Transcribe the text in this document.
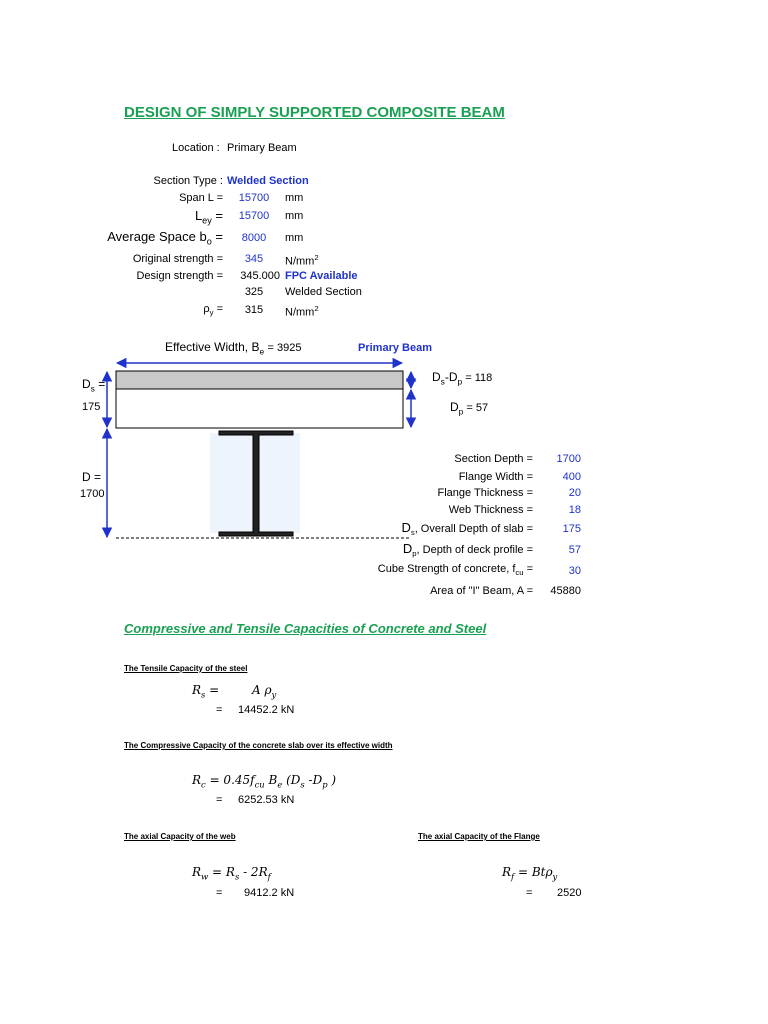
DESIGN OF SIMPLY SUPPORTED COMPOSITE BEAM
Location : Primary Beam
Section Type : Welded Section
Span L = 15700 mm
$L_{ey} = 15700$ mm
Average Space $b_o$ =	8000	mm
Original strength =	345	$N/mm^2$
Design strength =	345.000 FPC Available
325	Welded Section
$\rho_y$ =	315	$N/mm^2$
Effective Width, $B_e = 3925$	Primary Beam
$D_s$ =
175
$D_s-D_p = 118$
$D_p = 57$
D =
1700
Section Depth =	1700
Flange Width =	400
Flange Thickness =	20
Web Thickness =	18
$D_s$, Overall Depth of slab =	175
$D_p$, Depth of deck profile =	57
Cube Strength of concrete, $f_{cu}$ =	30
Area of "I" Beam, A =	45880
Compressive and Tensile Capacities of Concrete and Steel
The Tensile Capacity of the steel
$R_s$ =	A $\rho_y$
= 14452.2 kN
The Compressive Capacity of the concrete slab over its effective width
$R_c = 0.45f_{cu}$ $B_e$ ($D_s$ $-D_p$ )
= 6252.53 kN
The axial Capacity of the web
$R_w = R_s - 2R_f$
= 9412.2 kN
The axial Capacity of the Flange
$R_f = Bt\rho_y$
= 2520
